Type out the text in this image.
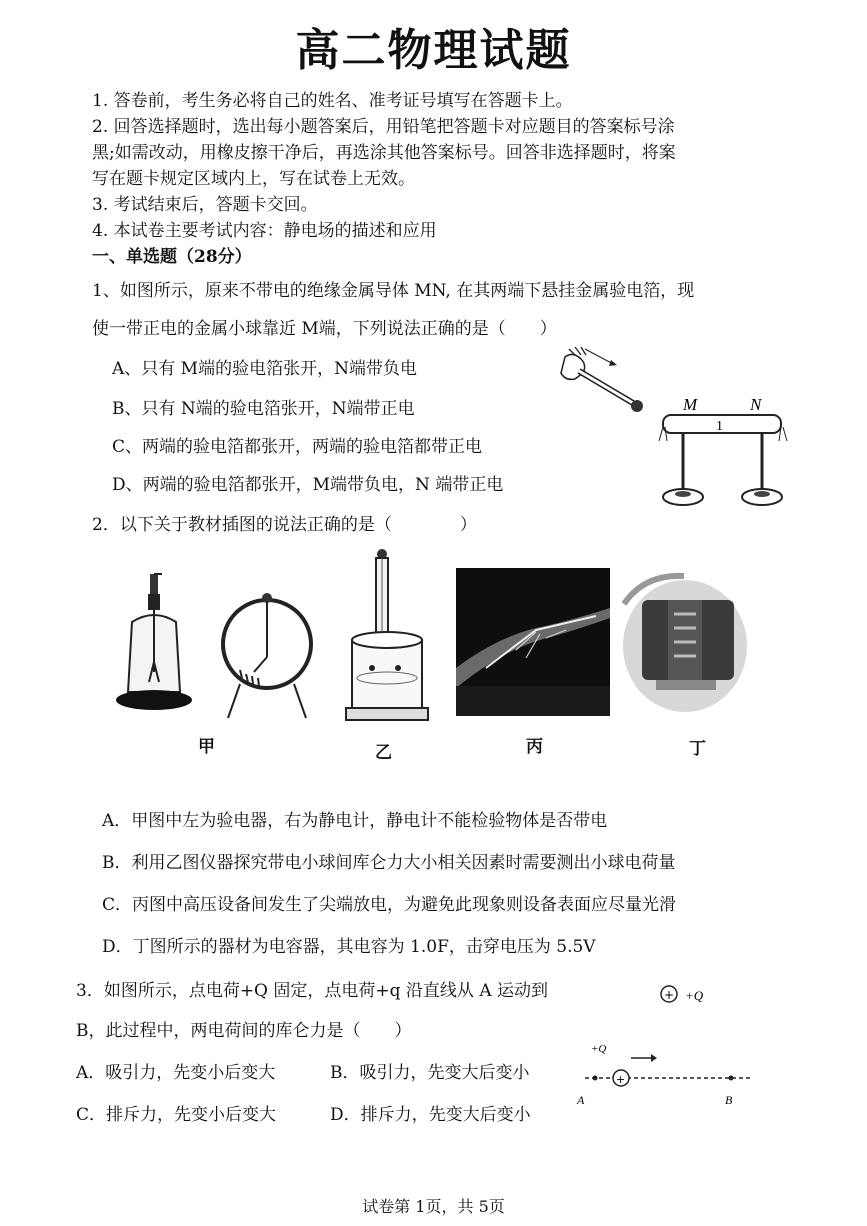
高二物理试题
1. 答卷前，考生务必将自己的姓名、准考证号填写在答题卡上。
2. 回答选择题时，选出每小题答案后，用铅笔把答题卡对应题目的答案标号涂
黑;如需改动，用橡皮擦干净后，再选涂其他答案标号。回答非选择题时，将案
写在题卡规定区域内上，写在试卷上无效。
3. 考试结束后，答题卡交回。
4. 本试卷主要考试内容：静电场的描述和应用
一、单选题（28分）
1、如图所示，原来不带电的绝缘金属导体 MN, 在其两端下悬挂金属验电箔，现
使一带正电的金属小球靠近 M端，下列说法正确的是（　　）
A、只有 M端的验电箔张开，N端带负电
B、只有 N端的验电箔张开，N端带正电
C、两端的验电箔都张开，两端的验电箔都带正电
D、两端的验电箔都张开，M端带负电，N 端带正电
M	N
1
2．以下关于教材插图的说法正确的是（　　　　）
甲	乙	丙	丁
A．甲图中左为验电器，右为静电计，静电计不能检验物体是否带电
B．利用乙图仪器探究带电小球间库仑力大小相关因素时需要测出小球电荷量
C．丙图中高压设备间发生了尖端放电，为避免此现象则设备表面应尽量光滑
D．丁图所示的器材为电容器，其电容为 1.0F，击穿电压为 5.5V
3．如图所示，点电荷+Q 固定，点电荷+q 沿直线从 A 运动到
B，此过程中，两电荷间的库仑力是（　　）
A．吸引力，先变小后变大	B．吸引力，先变大后变小
C．排斥力，先变小后变大	D．排斥力，先变大后变小
+ +Q
+Q
+
A	B
试卷第 1页，共 5页
